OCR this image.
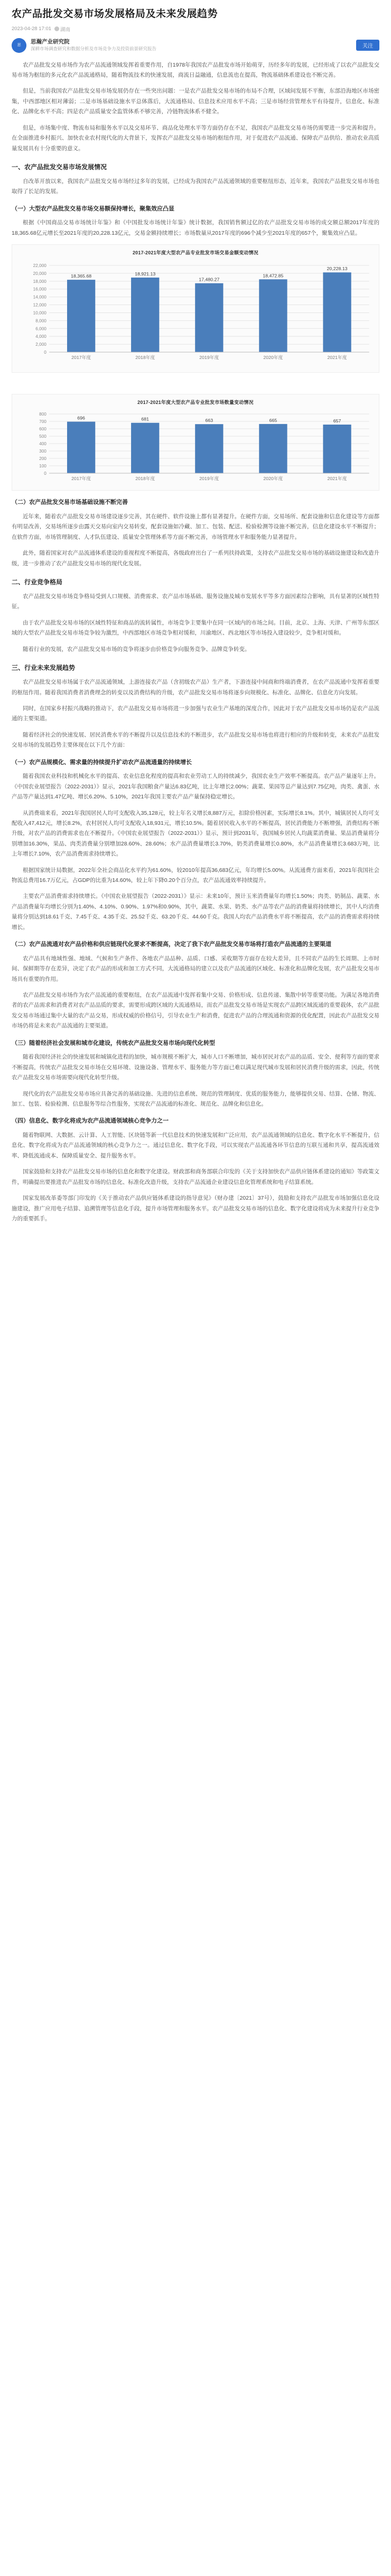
农产品批发交易市场发展格局及未来发展趋势
2023-04-28 17:01 湖南
思
思瀚产业研究院
深耕市场调查研究和数据分析及市场竞争力及投资前景研究报告	关注

农产品批发交易市场作为农产品流通领域发挥着重要作用，自1978年我国农产品批发市场开始萌芽，历经多年的发展，已经形成了以农产品批发交易市场为枢纽的多元化农产品流通格局，随着物流技术的快速发展，商流日益融通，信息流也在提高，物流基础体系建设也不断完善。

但是，当前我国农产品批发交易市场发展仍存在一些突出问题：一是农产品批发交易市场的布局不合理，区域间发展不平衡，东部沿海地区市场密集，中西部地区相对薄弱；二是市场基础设施水平总体落后，大流通格局、信息技术应用水平不高；三是市场经营管理水平有待提升，信息化、标准化、品牌化水平不高；四是农产品质量安全监管体系不够完善，冷链物流体系不健全。

但是，市场集中度、物流布局和服务水平以及交易环节、商品化处理水平等方面仍存在不足，我国农产品批发交易市场仍需要进一步完善和提升。在全面推进乡村振兴、加快农业农村现代化的大背景下，发挥农产品批发交易市场的枢纽作用，对于促进农产品流通、保障农产品供给、推动农业高质量发展具有十分重要的意义。

一、农产品批发交易市场发展情况

自改革开放以来，我国农产品批发交易市场经过多年的发展，已经成为我国农产品流通领域的重要枢纽形态，近年来，我国农产品批发交易市场也取得了长足的发展。

（一）大型农产品批发交易市场交易额保持增长，聚集效应凸显

根据《中国商品交易市场统计年鉴》和《中国批发市场统计年鉴》统计数据，我国销售额过亿的农产品批发交易市场的成交额总额2017年度的18,365.68亿元增长至2021年度的20,228.13亿元，交易金额持续增长；市场数量从2017年度的696个减少至2021年度的657个，聚集效应凸显。

2017-2021年度大型农产品专业批发市场交易金额变动情况
0
2,000
4,000
6,000
8,000
10,000
12,000
14,000
16,000
18,000
20,000
22,000
18,365.68	18,921.13
17,480.27
18,472.85
20,228.13
2017年度	2018年度	2019年度	2020年度	2021年度
2017-2021年度大型农产品专业批发市场数量变动情况
0
100
200
300
400
500
600
700
800
696	681	663	665	657
2017年度	2018年度	2019年度	2020年度	2021年度
（二）农产品批发交易市场基础设施不断完善

近年来，随着农产品批发交易市场建设逐步完善，其在硬件、软件设施上都有显著提升。在硬件方面，交易场所、配套设施和信息化建设等方面都有明显改善，交易场所逐步由露天交易向室内交易转变，配套设施如冷藏、加工、包装、配送、检验检测等设施不断完善，信息化建设水平不断提升；在软件方面，市场管理制度、人才队伍建设、质量安全管理体系等方面不断完善，市场管理水平和服务能力显著提升。

此外，随着国家对农产品流通体系建设的重视程度不断提高，各级政府出台了一系列扶持政策，支持农产品批发交易市场的基础设施建设和改造升级，进一步推动了农产品批发交易市场的现代化发展。

二、行业竞争格局

农产品批发交易市场竞争格局受到人口规模、消费需求、农产品市场基础、服务设施及城市发展水平等多方面因素综合影响，具有显著的区域性特征。

由于农产品批发交易市场的区域性特征和商品的流转属性，市场竞争主要集中在同一区域内的市场之间。目前，北京、上海、天津、广州等东部区域的大型农产品批发交易市场竞争较为激烈，中西部地区市场竞争相对缓和，川渝地区、西北地区等市场投入建设较少，竞争相对缓和。

随着行业的发展，农产品批发交易市场的竞争将逐步由价格竞争向服务竞争、品牌竞争转变。

三、行业未来发展趋势

农产品批发交易市场属于农产品流通领域，上游连接农产品（含初级农产品）生产者，下游连接中间商和终端消费者，在农产品流通中发挥着重要的枢纽作用。随着我国消费者消费理念的转变以及消费结构的升级，农产品批发交易市场将逐步向规模化、标准化、品牌化、信息化方向发展。

同时，在国家乡村振兴战略的推动下，农产品批发交易市场将进一步加强与农业生产基地的深度合作，因此对于农产品批发交易市场仍是农产品流通的主要渠道。

随着经济社会的快速发展、居民消费水平的不断提升以及信息技术的不断进步，农产品批发交易市场也将进行相应的升级和转变，未来农产品批发交易市场的发展趋势主要体现在以下几个方面：

（一）农产品规模化、需求量的持续提升扩动农产品流通量的持续增长

随着我国农业科技和机械化水平的提高、农业信息化程度的提高和农业劳动工人的持续减少，我国农业生产效率不断提高。农产品产量逐年上升。《中国农业展望报告（2022-2031）》显示，2021年我国粮食产量达6.83亿吨，比上年增长2.00%；蔬菜、果园等总产量达到7.75亿吨，肉类、禽蛋、水产品等产量达到1.47亿吨、增长6.20%、5.10%，2021年我国主要农产品产量保持稳定增长。

从消费端来看，2021年我国居民人均可支配收入35,128元，较上年名义增长8,887万元，扣除价格因素，实际增长8.1%。其中，城镇居民人均可支配收入47,412元，增长8.2%，农村居民人均可支配收入18,931元，增长10.5%。随着居民收入水平的不断提高，居民消费能力不断增强，消费结构不断升级，对农产品的消费需求也在不断提升。《中国农业展望报告（2022-2031）》显示，预计到2031年，我国城乡居民人均蔬菜消费量、果品消费量将分别增加16.30%，果品、肉类消费量分别增加28.60%、28.60%；水产品消费量增长3.70%，奶类消费量增长0.80%，水产品消费量增长3.683万吨，比上年增长7.10%，农产品消费需求持续增长。

根据国家统计局数据，2022年全社会商品化水平约为61.60%，较2010年提高36,683亿元，年均增长5.00%。从流通费方面来看，2021年我国社会物流总费用16.7万亿元，占GDP的比重为14.60%，较上年下降0.20个百分点，农产品流通效率持续提升。

主要农产品消费需求持续增长。《中国农业展望报告（2022-2031）》显示：未来10年，预计玉米消费量年均增长1.50%；肉类、奶制品、蔬菜、水产品消费量年均增长分别为1.40%、4.10%、0.90%、1.97%和0.90%，其中，蔬菜、水果、奶类、水产品等农产品的消费量将持续增长，其中人均消费量将分别达到18.61千克、7.45千克、4.35千克、25.52千克、63.20千克、44.60千克。我国人均农产品消费水平将不断提高，农产品的消费需求将持续增长。

（二）农产品流通对农产品价格和供应链现代化要求不断提高，决定了我下农产品批发交易市场将打造农产品流通的主要渠道

农产品具有地域性强、地域、气候和生产条件、各地农产品品种、品质、口感、采收期等方面存在较大差异，且不同农产品的生长周期、上市时间、保鲜期等存在差异，决定了农产品的形成和加工方式不同，大流通格局的建立以及农产品流通的区域化、标准化和品牌化发展，农产品批发交易市场具有重要的作用。

农产品批发交易市场作为农产品流通的重要枢纽，在农产品流通中发挥着集中交易、价格形成、信息传递、集散中转等重要功能。为满足各地消费者的农产品需求和消费者对农产品品质的要求，需要形成跨区域的大流通格局，而农产品批发交易市场是实现农产品跨区域流通的重要载体，农产品批发交易市场通过集中大量的农产品交易，形成权威的价格信号，引导农业生产和消费，促进农产品的合理流通和资源的优化配置，因此农产品批发交易市场仍将是未来农产品流通的主要渠道。

（三）随着经济社会发展和城市化建设，传统农产品批发交易市场向现代化转型

随着我国经济社会的快速发展和城镇化进程的加快，城市规模不断扩大，城市人口不断增加，城市居民对农产品的品质、安全、便利等方面的要求不断提高，传统农产品批发交易市场在交易环境、设施设备、管理水平、服务能力等方面已难以满足现代城市发展和居民消费升级的需求，因此，传统农产品批发交易市场需要向现代化转型升级。

现代化的农产品批发交易市场应具备完善的基础设施、先进的信息系统、规范的管理制度、优质的服务能力，能够提供交易、结算、仓储、物流、加工、包装、检验检测、信息服务等综合性服务，实现农产品流通的标准化、规范化、品牌化和信息化。

（四）信息化、数字化将成为农产品流通领域核心竞争力之一

随着物联网、大数据、云计算、人工智能、区块链等新一代信息技术的快速发展和广泛应用，农产品流通领域的信息化、数字化水平不断提升，信息化、数字化将成为农产品流通领域的核心竞争力之一。通过信息化、数字化手段，可以实现农产品流通各环节信息的互联互通和共享，提高流通效率、降低流通成本、保障质量安全、提升服务水平。

国家鼓励和支持农产品批发交易市场的信息化和数字化建设。财政部和商务部联合印发的《关于支持加快农产品供应链体系建设的通知》等政策文件，明确提出要推进农产品批发市场的信息化、标准化改造升级，支持农产品流通企业建设信息化管理系统和电子结算系统。

国家发展改革委等部门印发的《关于推动农产品供应链体系建设的指导意见》（财办建〔2021〕37号），鼓励和支持农产品批发市场加强信息化设施建设，推广应用电子结算、追溯管理等信息化手段，提升市场管理和服务水平。农产品批发交易市场的信息化、数字化建设将成为未来提升行业竞争力的重要抓手。
